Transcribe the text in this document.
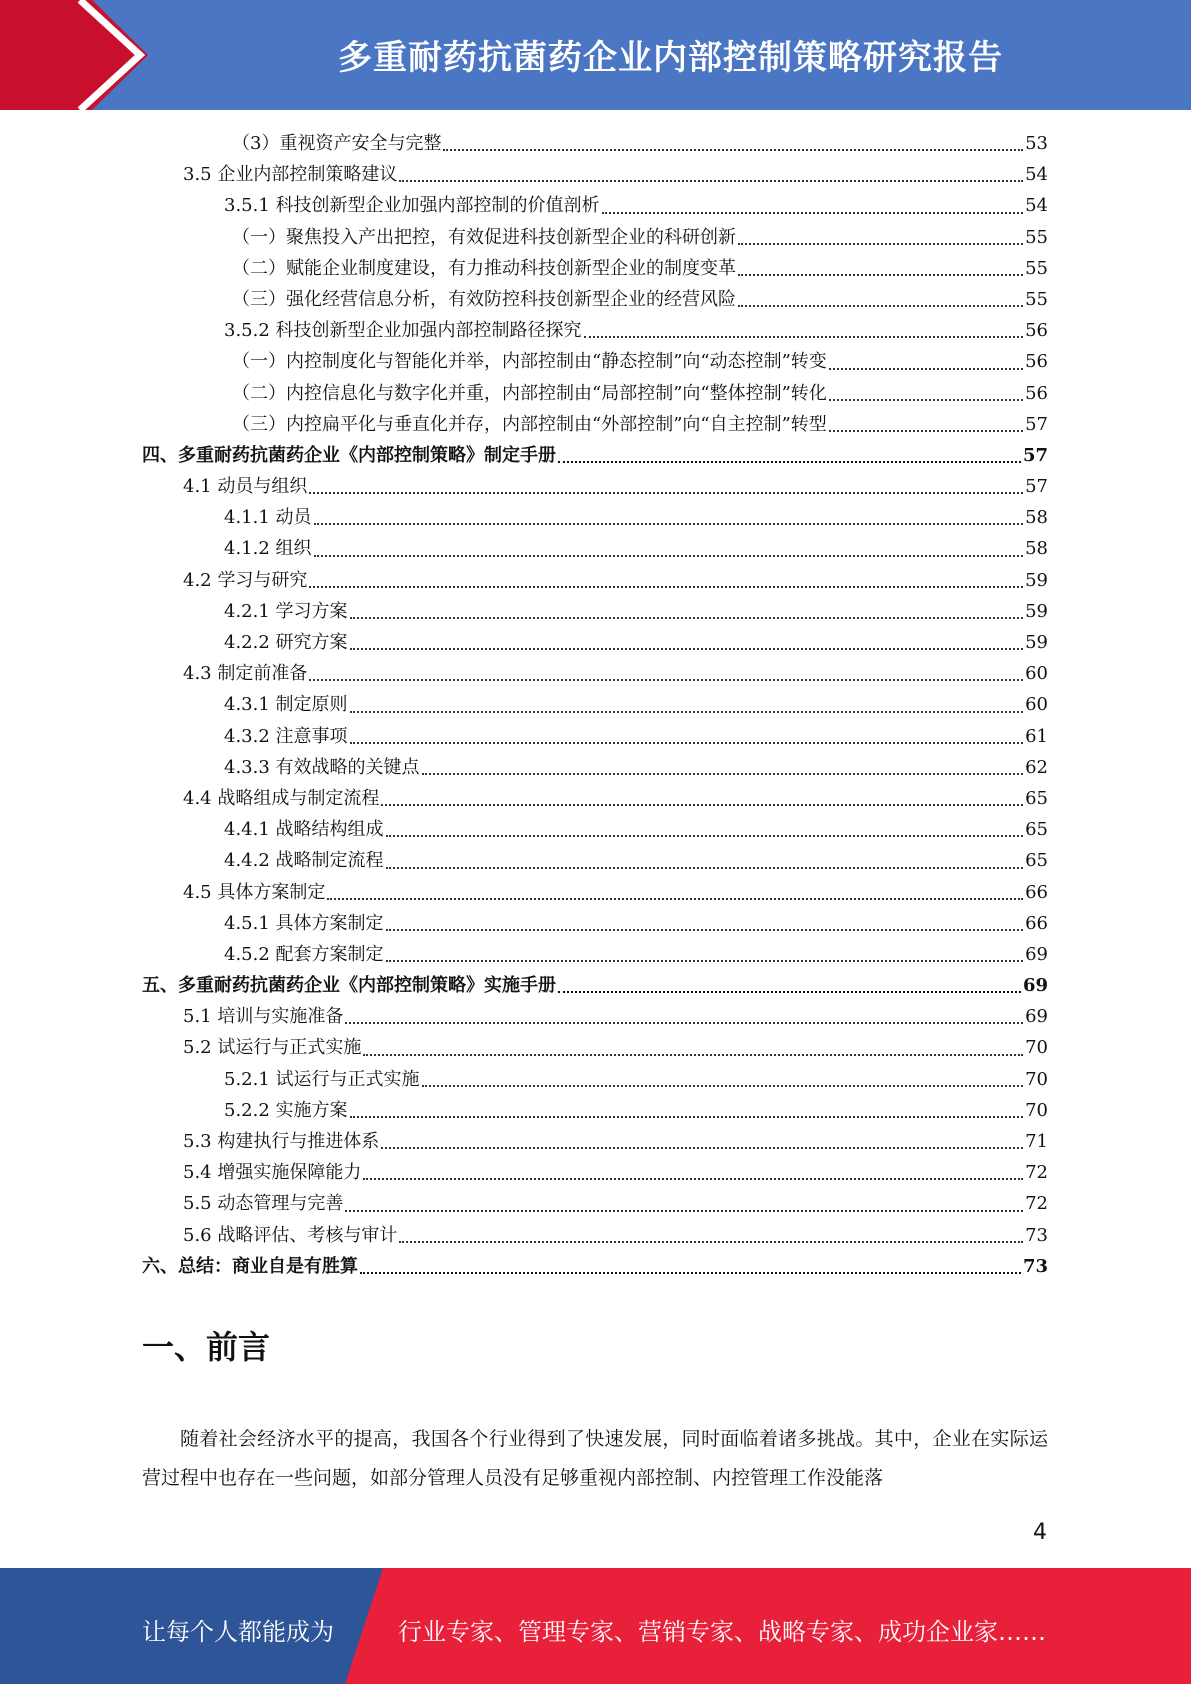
多重耐药抗菌药企业内部控制策略研究报告
（3）重视资产安全与完整	53
3.5 企业内部控制策略建议	54
3.5.1 科技创新型企业加强内部控制的价值剖析	54
（一）聚焦投入产出把控，有效促进科技创新型企业的科研创新	55
（二）赋能企业制度建设，有力推动科技创新型企业的制度变革	55
（三）强化经营信息分析，有效防控科技创新型企业的经营风险	55
3.5.2 科技创新型企业加强内部控制路径探究	56
（一）内控制度化与智能化并举，内部控制由“静态控制”向“动态控制”转变	56
（二）内控信息化与数字化并重，内部控制由“局部控制”向“整体控制”转化	56
（三）内控扁平化与垂直化并存，内部控制由“外部控制”向“自主控制”转型	57
四、多重耐药抗菌药企业《内部控制策略》制定手册	57
4.1 动员与组织	57
4.1.1 动员	58
4.1.2 组织	58
4.2 学习与研究	59
4.2.1 学习方案	59
4.2.2 研究方案	59
4.3 制定前准备	60
4.3.1 制定原则	60
4.3.2 注意事项	61
4.3.3 有效战略的关键点	62
4.4 战略组成与制定流程	65
4.4.1 战略结构组成	65
4.4.2 战略制定流程	65
4.5 具体方案制定	66
4.5.1 具体方案制定	66
4.5.2 配套方案制定	69
五、多重耐药抗菌药企业《内部控制策略》实施手册	69
5.1 培训与实施准备	69
5.2 试运行与正式实施	70
5.2.1 试运行与正式实施	70
5.2.2 实施方案	70
5.3 构建执行与推进体系	71
5.4 增强实施保障能力	72
5.5 动态管理与完善	72
5.6 战略评估、考核与审计	73
六、总结：商业自是有胜算	73
一、前言
随着社会经济水平的提高，我国各个行业得到了快速发展，同时面临着诸多挑战。其中，企业在实际运营过程中也存在一些问题，如部分管理人员没有足够重视内部控制、内控管理工作没能落
4
让每个人都能成为	行业专家、管理专家、营销专家、战略专家、成功企业家……
